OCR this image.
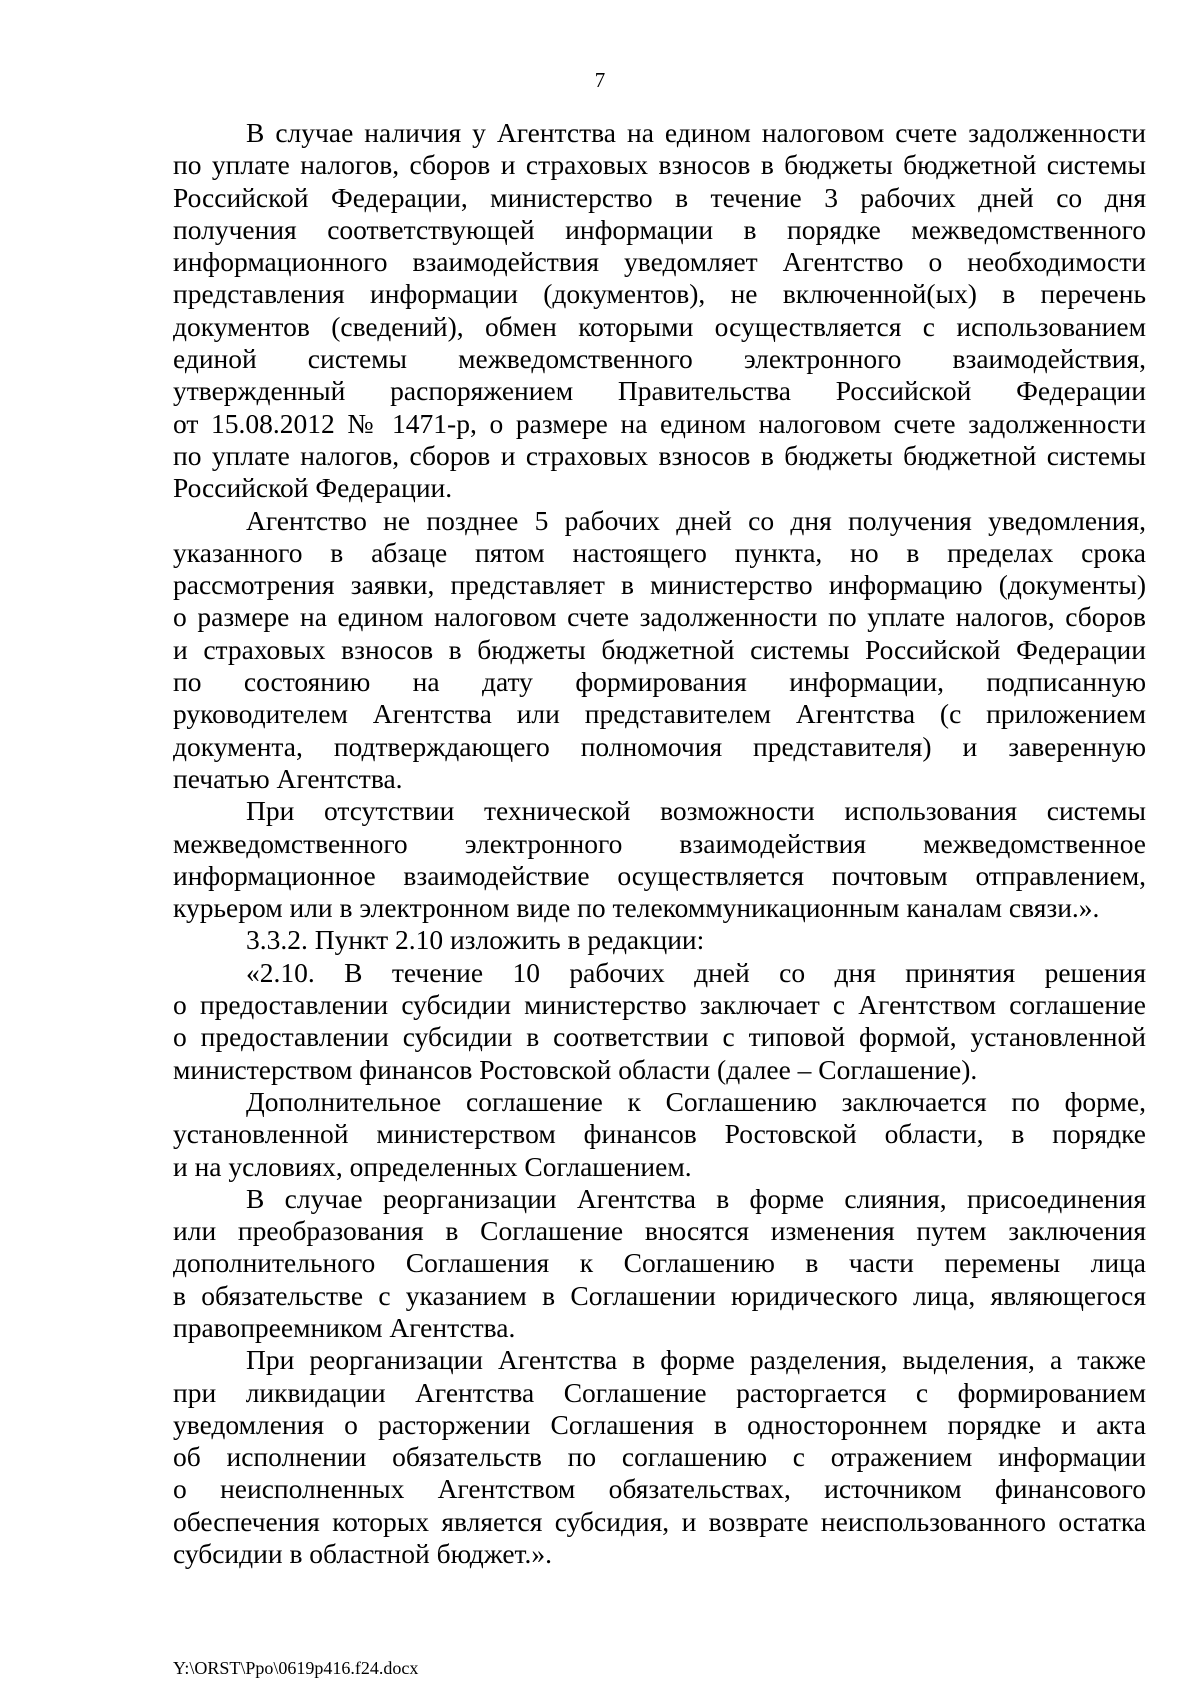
7
В случае наличия у Агентства на едином налоговом счете задолженности
по уплате налогов, сборов и страховых взносов в бюджеты бюджетной системы
Российской Федерации, министерство в течение 3 рабочих дней со дня
получения соответствующей информации в порядке межведомственного
информационного взаимодействия уведомляет Агентство о необходимости
представления информации (документов), не включенной(ых) в перечень
документов (сведений), обмен которыми осуществляется с использованием
единой системы межведомственного электронного взаимодействия,
утвержденный распоряжением Правительства Российской Федерации
от 15.08.2012 № 1471-р, о размере на едином налоговом счете задолженности
по уплате налогов, сборов и страховых взносов в бюджеты бюджетной системы
Российской Федерации.
Агентство не позднее 5 рабочих дней со дня получения уведомления,
указанного в абзаце пятом настоящего пункта, но в пределах срока
рассмотрения заявки, представляет в министерство информацию (документы)
о размере на едином налоговом счете задолженности по уплате налогов, сборов
и страховых взносов в бюджеты бюджетной системы Российской Федерации
по состоянию на дату формирования информации, подписанную
руководителем Агентства или представителем Агентства (с приложением
документа, подтверждающего полномочия представителя) и заверенную
печатью Агентства.
При отсутствии технической возможности использования системы
межведомственного электронного взаимодействия межведомственное
информационное взаимодействие осуществляется почтовым отправлением,
курьером или в электронном виде по телекоммуникационным каналам связи.».
3.3.2. Пункт 2.10 изложить в редакции:
«2.10. В течение 10 рабочих дней со дня принятия решения
о предоставлении субсидии министерство заключает с Агентством соглашение
о предоставлении субсидии в соответствии с типовой формой, установленной
министерством финансов Ростовской области (далее – Соглашение).
Дополнительное соглашение к Соглашению заключается по форме,
установленной министерством финансов Ростовской области, в порядке
и на условиях, определенных Соглашением.
В случае реорганизации Агентства в форме слияния, присоединения
или преобразования в Соглашение вносятся изменения путем заключения
дополнительного Соглашения к Соглашению в части перемены лица
в обязательстве с указанием в Соглашении юридического лица, являющегося
правопреемником Агентства.
При реорганизации Агентства в форме разделения, выделения, а также
при ликвидации Агентства Соглашение расторгается с формированием
уведомления о расторжении Соглашения в одностороннем порядке и акта
об исполнении обязательств по соглашению с отражением информации
о неисполненных Агентством обязательствах, источником финансового
обеспечения которых является субсидия, и возврате неиспользованного остатка
субсидии в областной бюджет.».
Y:\ORST\Ppo\0619p416.f24.docx
